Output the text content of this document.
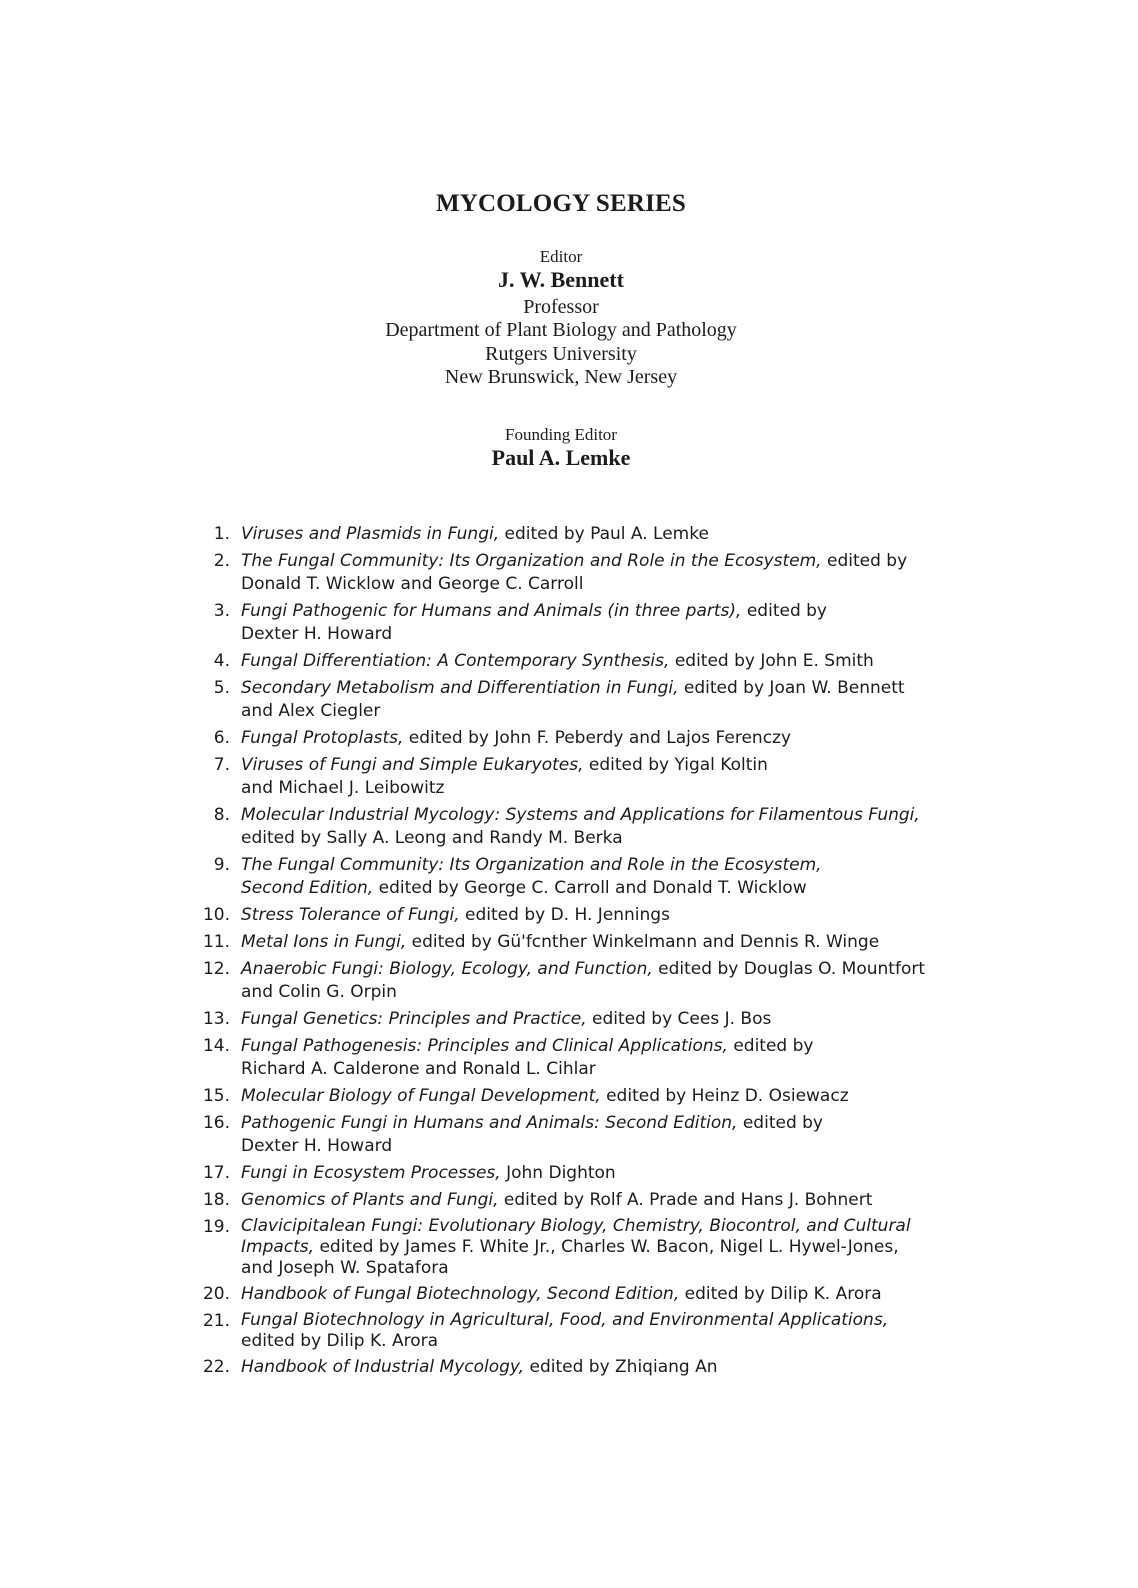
MYCOLOGY SERIES
Editor
J. W. Bennett
Professor
Department of Plant Biology and Pathology
Rutgers University
New Brunswick, New Jersey
Founding Editor
Paul A. Lemke
1. Viruses and Plasmids in Fungi, edited by Paul A. Lemke
2. The Fungal Community: Its Organization and Role in the Ecosystem, edited by
Donald T. Wicklow and George C. Carroll
3. Fungi Pathogenic for Humans and Animals (in three parts), edited by
Dexter H. Howard
4. Fungal Differentiation: A Contemporary Synthesis, edited by John E. Smith
5. Secondary Metabolism and Differentiation in Fungi, edited by Joan W. Bennett
and Alex Ciegler
6. Fungal Protoplasts, edited by John F. Peberdy and Lajos Ferenczy
7. Viruses of Fungi and Simple Eukaryotes, edited by Yigal Koltin
and Michael J. Leibowitz
8. Molecular Industrial Mycology: Systems and Applications for Filamentous Fungi,
edited by Sally A. Leong and Randy M. Berka
9. The Fungal Community: Its Organization and Role in the Ecosystem,
Second Edition, edited by George C. Carroll and Donald T. Wicklow
10. Stress Tolerance of Fungi, edited by D. H. Jennings
11. Metal Ions in Fungi, edited by Gü'fcnther Winkelmann and Dennis R. Winge
12. Anaerobic Fungi: Biology, Ecology, and Function, edited by Douglas O. Mountfort
and Colin G. Orpin
13. Fungal Genetics: Principles and Practice, edited by Cees J. Bos
14. Fungal Pathogenesis: Principles and Clinical Applications, edited by
Richard A. Calderone and Ronald L. Cihlar
15. Molecular Biology of Fungal Development, edited by Heinz D. Osiewacz
16. Pathogenic Fungi in Humans and Animals: Second Edition, edited by
Dexter H. Howard
17. Fungi in Ecosystem Processes, John Dighton
18. Genomics of Plants and Fungi, edited by Rolf A. Prade and Hans J. Bohnert
19. Clavicipitalean Fungi: Evolutionary Biology, Chemistry, Biocontrol, and Cultural
Impacts, edited by James F. White Jr., Charles W. Bacon, Nigel L. Hywel-Jones,
and Joseph W. Spatafora
20. Handbook of Fungal Biotechnology, Second Edition, edited by Dilip K. Arora
21. Fungal Biotechnology in Agricultural, Food, and Environmental Applications,
edited by Dilip K. Arora
22. Handbook of Industrial Mycology, edited by Zhiqiang An
